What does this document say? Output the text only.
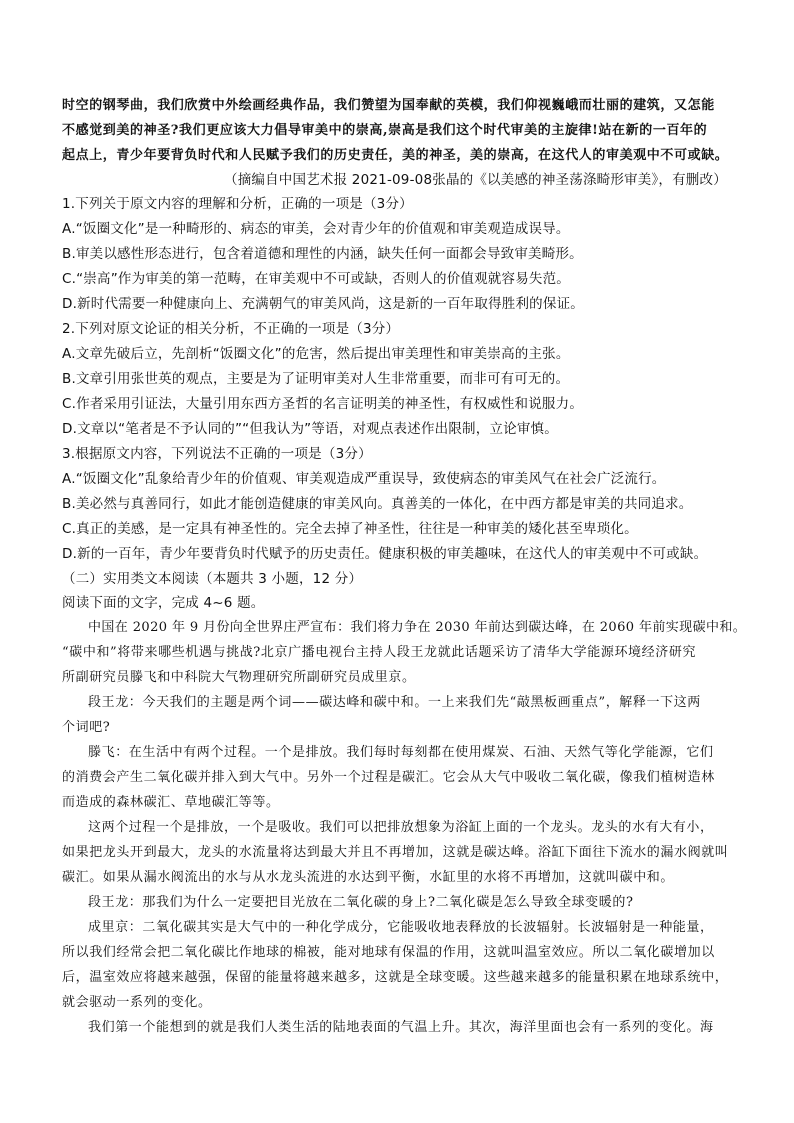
时空的钢琴曲，我们欣赏中外绘画经典作品，我们赞望为国奉献的英模，我们仰视巍峨而壮丽的建筑，又怎能

不感觉到美的神圣?我们更应该大力倡导审美中的崇高,崇高是我们这个时代审美的主旋律!站在新的一百年的

起点上，青少年要背负时代和人民赋予我们的历史责任，美的神圣，美的崇高，在这代人的审美观中不可或缺。

（摘编自中国艺术报 2021-09-08张晶的《以美感的神圣荡涤畸形审美》，有删改）

1.下列关于原文内容的理解和分析，正确的一项是（3分）

A.“饭圈文化”是一种畸形的、病态的审美，会对青少年的价值观和审美观造成误导。

B.审美以感性形态进行，包含着道德和理性的内涵，缺失任何一面都会导致审美畸形。

C.“崇高”作为审美的第一范畴，在审美观中不可或缺，否则人的价值观就容易失范。

D.新时代需要一种健康向上、充满朝气的审美风尚，这是新的一百年取得胜利的保证。

2.下列对原文论证的相关分析，不正确的一项是（3分）

A.文章先破后立，先剖析“饭圈文化”的危害，然后提出审美理性和审美崇高的主张。

B.文章引用张世英的观点，主要是为了证明审美对人生非常重要，而非可有可无的。

C.作者采用引证法，大量引用东西方圣哲的名言证明美的神圣性，有权威性和说服力。

D.文章以“笔者是不予认同的”“但我认为”等语，对观点表述作出限制，立论审慎。

3.根据原文内容，下列说法不正确的一项是（3分）

A.“饭圈文化”乱象给青少年的价值观、审美观造成严重误导，致使病态的审美风气在社会广泛流行。

B.美必然与真善同行，如此才能创造健康的审美风向。真善美的一体化，在中西方都是审美的共同追求。

C.真正的美感，是一定具有神圣性的。完全去掉了神圣性，往往是一种审美的矮化甚至卑琐化。

D.新的一百年，青少年要背负时代赋予的历史责任。健康积极的审美趣味，在这代人的审美观中不可或缺。

（二）实用类文本阅读（本题共 3 小题，12 分）

阅读下面的文字，完成 4~6 题。

中国在 2020 年 9 月份向全世界庄严宣布：我们将力争在 2030 年前达到碳达峰，在 2060 年前实现碳中和。

“碳中和”将带来哪些机遇与挑战?北京广播电视台主持人段王龙就此话题采访了清华大学能源环境经济研究

所副研究员滕飞和中科院大气物理研究所副研究员成里京。

段王龙：今天我们的主题是两个词——碳达峰和碳中和。一上来我们先“敲黑板画重点”，解释一下这两

个词吧?

滕飞：在生活中有两个过程。一个是排放。我们每时每刻都在使用煤炭、石油、天然气等化学能源，它们

的消费会产生二氧化碳并排入到大气中。另外一个过程是碳汇。它会从大气中吸收二氧化碳，像我们植树造林

而造成的森林碳汇、草地碳汇等等。

这两个过程一个是排放，一个是吸收。我们可以把排放想象为浴缸上面的一个龙头。龙头的水有大有小，

如果把龙头开到最大，龙头的水流量将达到最大并且不再增加，这就是碳达峰。浴缸下面往下流水的漏水阀就叫

碳汇。如果从漏水阀流出的水与从水龙头流进的水达到平衡，水缸里的水将不再增加，这就叫碳中和。

段王龙：那我们为什么一定要把目光放在二氧化碳的身上?二氧化碳是怎么导致全球变暖的?

成里京：二氧化碳其实是大气中的一种化学成分，它能吸收地表释放的长波辐射。长波辐射是一种能量，

所以我们经常会把二氧化碳比作地球的棉被，能对地球有保温的作用，这就叫温室效应。所以二氧化碳增加以

后，温室效应将越来越强，保留的能量将越来越多，这就是全球变暖。这些越来越多的能量积累在地球系统中，

就会驱动一系列的变化。

我们第一个能想到的就是我们人类生活的陆地表面的气温上升。其次，海洋里面也会有一系列的变化。海
